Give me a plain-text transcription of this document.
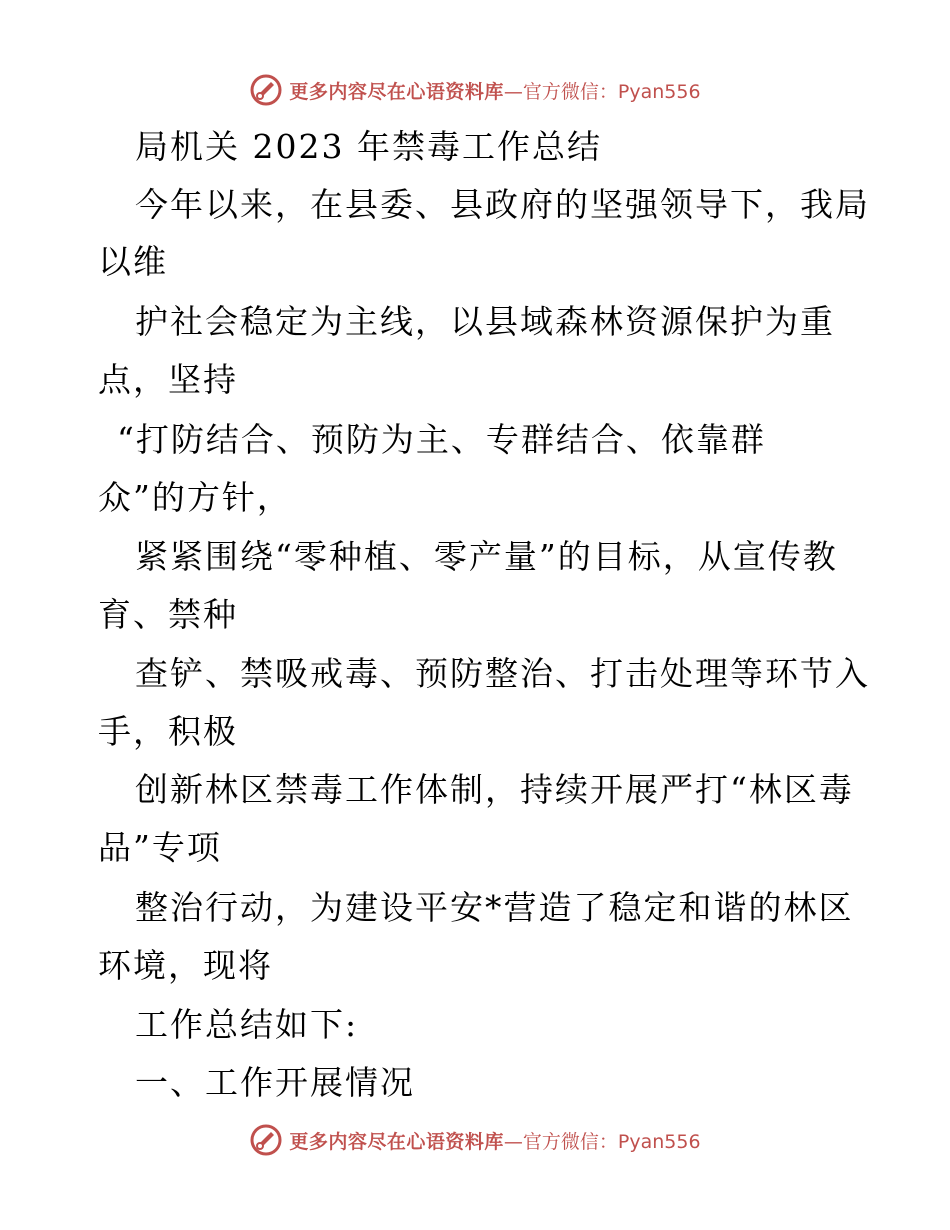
更多内容尽在心语资料库 —官方微信：Pyan556
局机关 2023 年禁毒工作总结
今年以来，在县委、县政府的坚强领导下，我局
以维
护社会稳定为主线，以县域森林资源保护为重
点，坚持
“打防结合、预防为主、专群结合、依靠群
众”的方针，
紧紧围绕“零种植、零产量”的目标，从宣传教
育、禁种
查铲、禁吸戒毒、预防整治、打击处理等环节入
手，积极
创新林区禁毒工作体制，持续开展严打“林区毒
品”专项
整治行动，为建设平安*营造了稳定和谐的林区
环境，现将
工作总结如下:
一、工作开展情况
更多内容尽在心语资料库 —官方微信：Pyan556
